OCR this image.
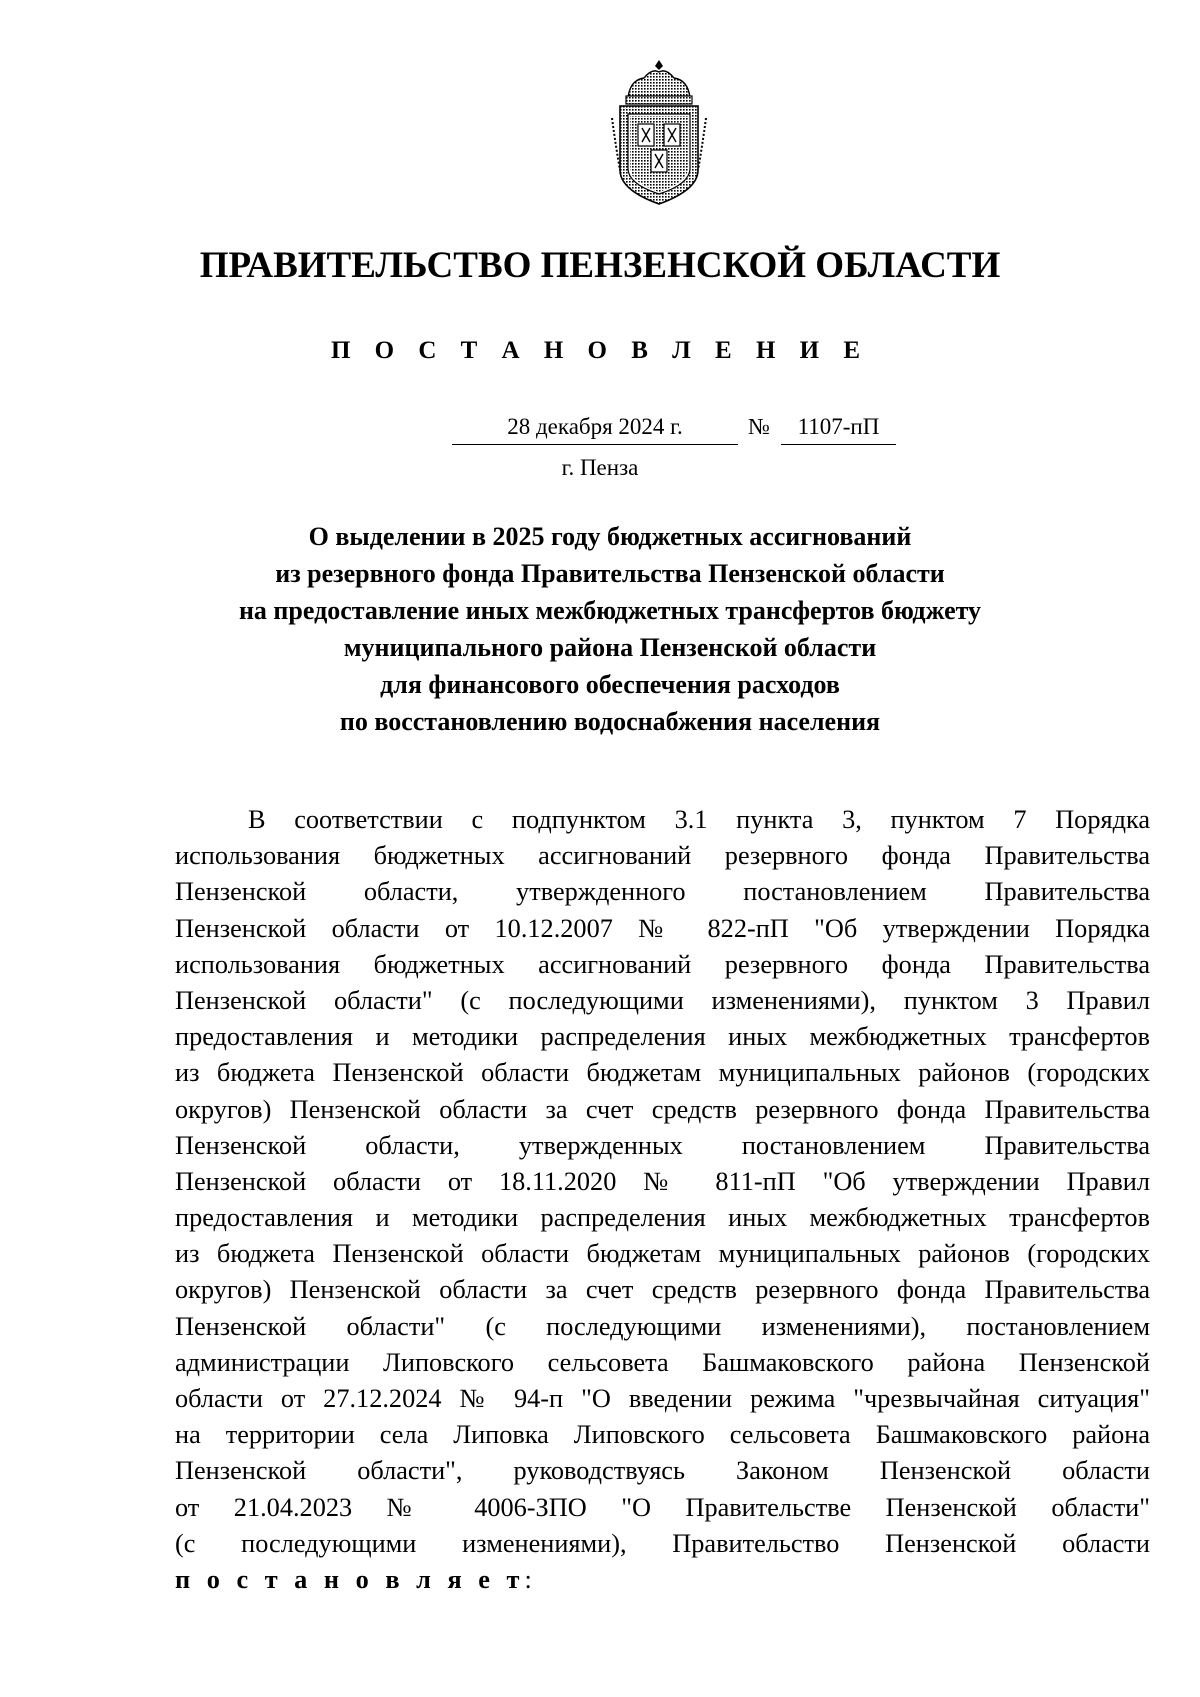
ПРАВИТЕЛЬСТВО ПЕНЗЕНСКОЙ ОБЛАСТИ
П О С Т А Н О В Л Е Н И Е
28 декабря 2024 г.	№	1107-пП
г. Пенза
О выделении в 2025 году бюджетных ассигнований
из резервного фонда Правительства Пензенской области
на предоставление иных межбюджетных трансфертов бюджету
муниципального района Пензенской области
для финансового обеспечения расходов
по восстановлению водоснабжения населения
В соответствии с подпунктом 3.1 пункта 3, пунктом 7 Порядка
использования бюджетных ассигнований резервного фонда Правительства
Пензенской области, утвержденного постановлением Правительства
Пензенской области от 10.12.2007 № 822-пП "Об утверждении Порядка
использования бюджетных ассигнований резервного фонда Правительства
Пензенской области" (с последующими изменениями), пунктом 3 Правил
предоставления и методики распределения иных межбюджетных трансфертов
из бюджета Пензенской области бюджетам муниципальных районов (городских
округов) Пензенской области за счет средств резервного фонда Правительства
Пензенской области, утвержденных постановлением Правительства
Пензенской области от 18.11.2020 № 811-пП "Об утверждении Правил
предоставления и методики распределения иных межбюджетных трансфертов
из бюджета Пензенской области бюджетам муниципальных районов (городских
округов) Пензенской области за счет средств резервного фонда Правительства
Пензенской области" (с последующими изменениями), постановлением
администрации Липовского сельсовета Башмаковского района Пензенской
области от 27.12.2024 № 94-п "О введении режима "чрезвычайная ситуация"
на территории села Липовка Липовского сельсовета Башмаковского района
Пензенской области", руководствуясь Законом Пензенской области
от 21.04.2023 № 4006-ЗПО "О Правительстве Пензенской области"
(с последующими изменениями), Правительство Пензенской области
п о с т а н о в л я е т:
